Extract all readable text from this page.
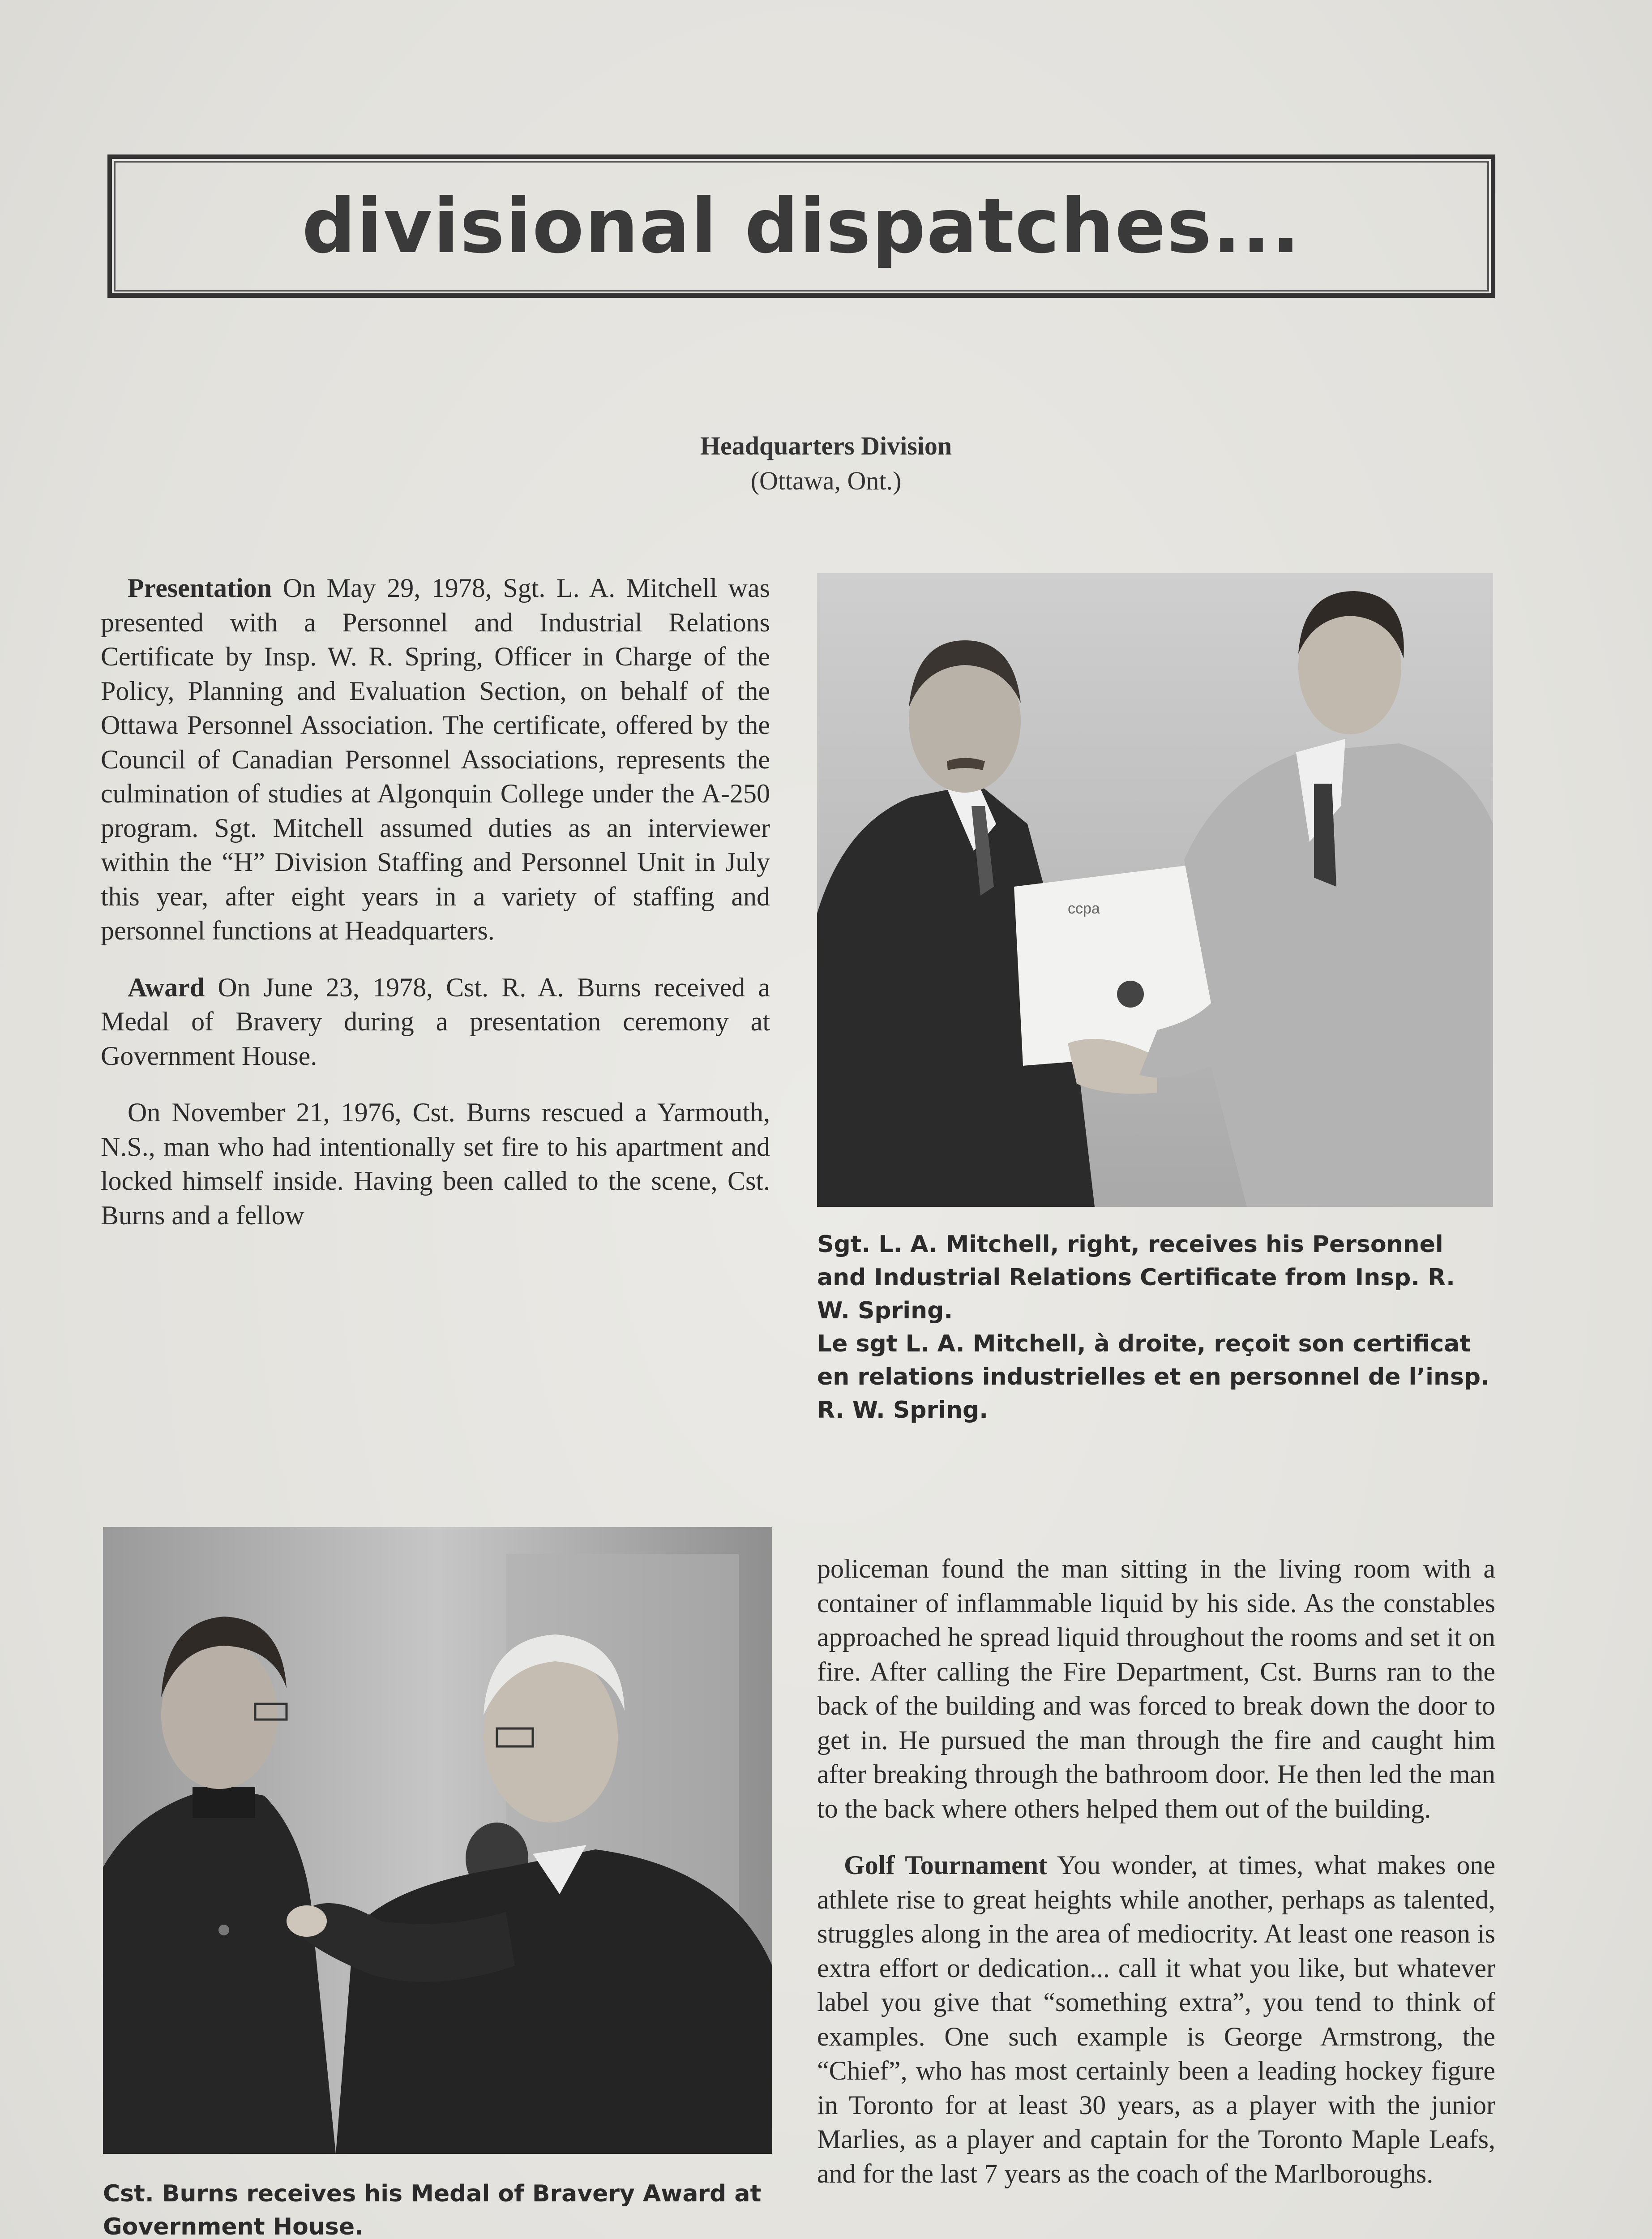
divisional dispatches...
Headquarters Division
(Ottawa, Ont.)

Presentation On May 29, 1978, Sgt. L. A. Mitchell was presented with a Personnel and Industrial Relations Certificate by Insp. W. R. Spring, Officer in Charge of the Policy, Planning and Evaluation Section, on behalf of the Ottawa Personnel Association. The certificate, offered by the Council of Canadian Personnel Associations, represents the culmination of studies at Algonquin College under the A-250 program. Sgt. Mitchell assumed duties as an interviewer within the “H” Division Staffing and Personnel Unit in July this year, after eight years in a variety of staffing and personnel functions at Headquarters.

Award On June 23, 1978, Cst. R. A. Burns received a Medal of Bravery during a presentation ceremony at Government House.

On November 21, 1976, Cst. Burns rescued a Yarmouth, N.S., man who had intentionally set fire to his apartment and locked himself inside. Having been called to the scene, Cst. Burns and a fellow

ccpa
Sgt. L. A. Mitchell, right, receives his Personnel and Industrial Relations Certificate from Insp. R. W. Spring.
Le sgt L. A. Mitchell, à droite, reçoit son certificat en relations industrielles et en personnel de l’insp. R. W. Spring.
Cst. Burns receives his Medal of Bravery Award at Government House.

policeman found the man sitting in the living room with a container of inflammable liquid by his side. As the constables approached he spread liquid throughout the rooms and set it on fire. After calling the Fire Department, Cst. Burns ran to the back of the building and was forced to break down the door to get in. He pursued the man through the fire and caught him after breaking through the bathroom door. He then led the man to the back where others helped them out of the building.

Golf Tournament You wonder, at times, what makes one athlete rise to great heights while another, perhaps as talented, struggles along in the area of mediocrity. At least one reason is extra effort or dedication... call it what you like, but whatever label you give that “something extra”, you tend to think of examples. One such example is George Armstrong, the “Chief”, who has most certainly been a leading hockey figure in Toronto for at least 30 years, as a player with the junior Marlies, as a player and captain for the Toronto Maple Leafs, and for the last 7 years as the coach of the Marlboroughs.
